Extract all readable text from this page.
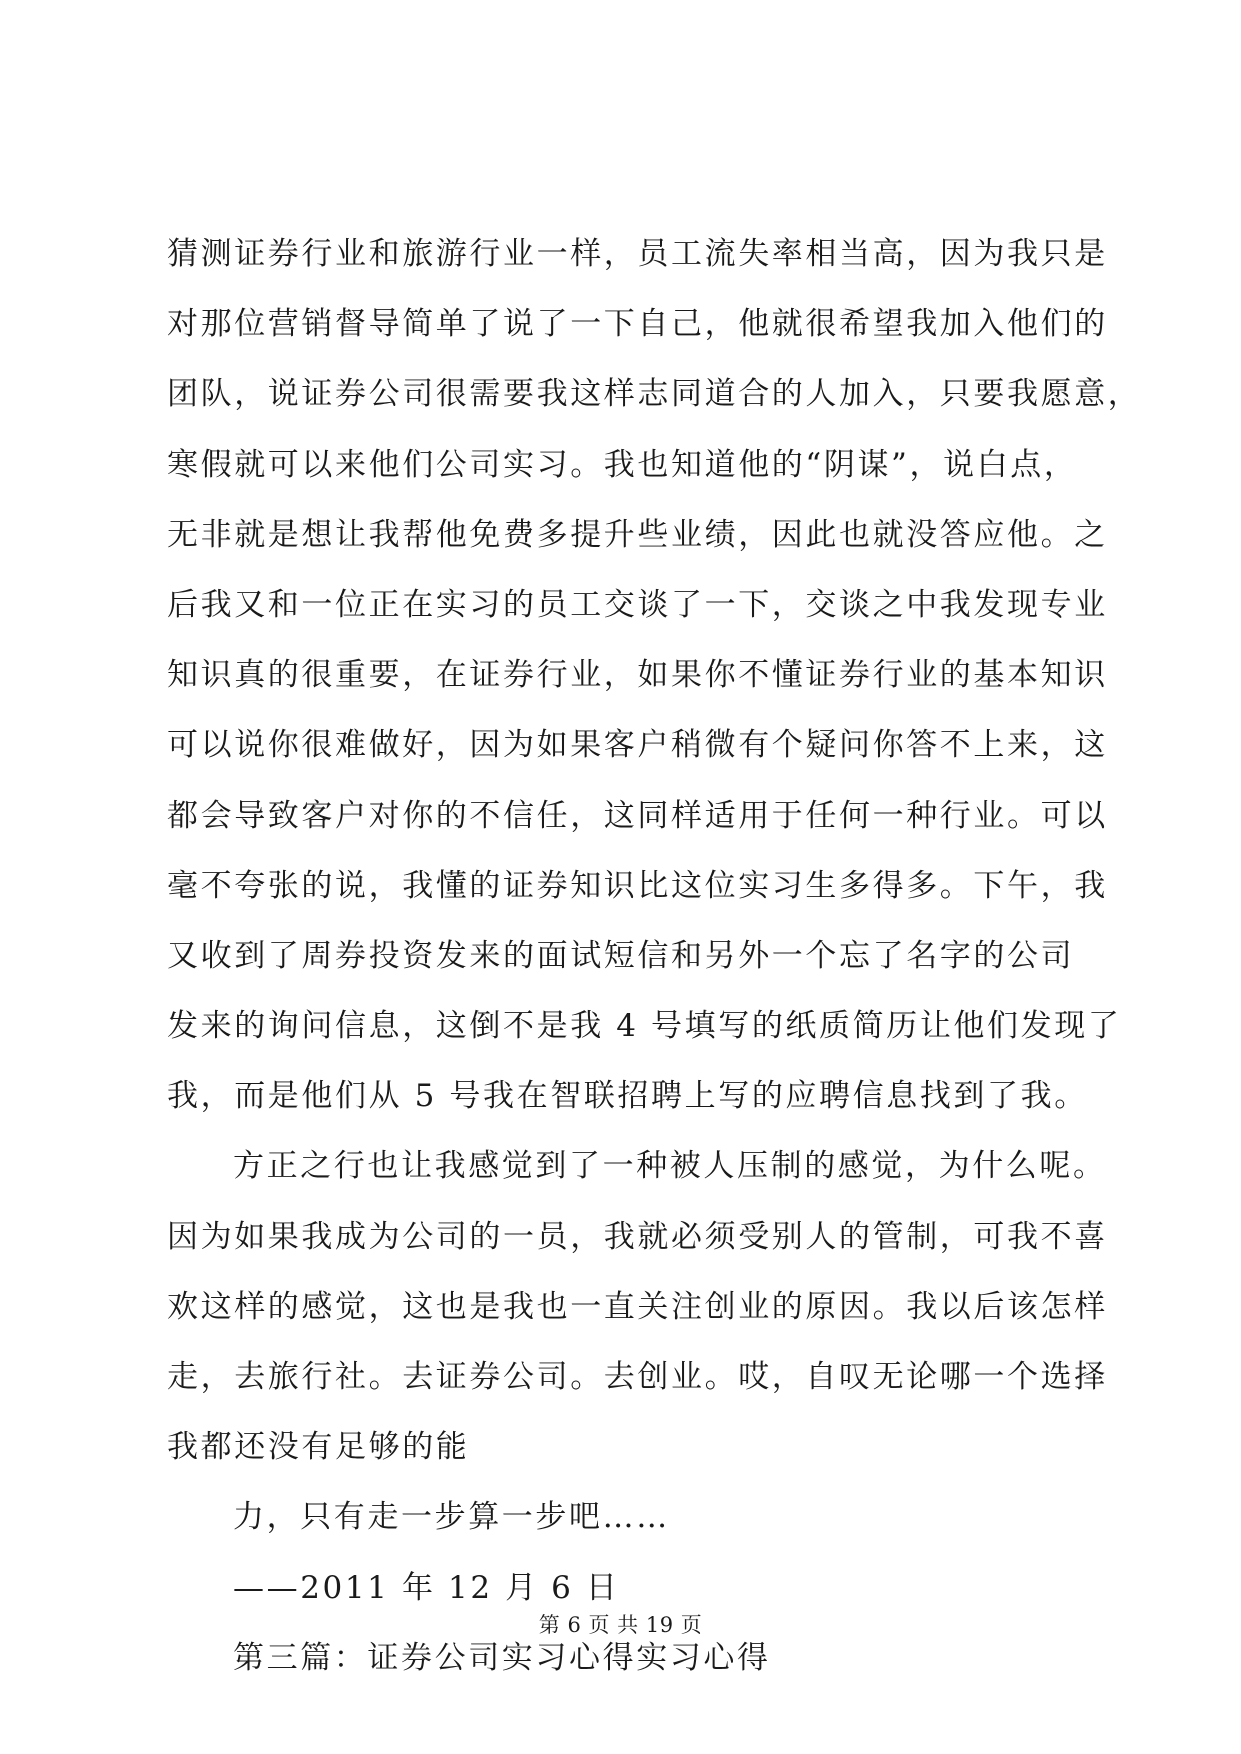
猜测证券行业和旅游行业一样，员工流失率相当高，因为我只是
对那位营销督导简单了说了一下自己，他就很希望我加入他们的
团队，说证券公司很需要我这样志同道合的人加入，只要我愿意，
寒假就可以来他们公司实习。我也知道他的“阴谋”，说白点，
无非就是想让我帮他免费多提升些业绩，因此也就没答应他。之
后我又和一位正在实习的员工交谈了一下，交谈之中我发现专业
知识真的很重要，在证券行业，如果你不懂证券行业的基本知识
可以说你很难做好，因为如果客户稍微有个疑问你答不上来，这
都会导致客户对你的不信任，这同样适用于任何一种行业。可以
毫不夸张的说，我懂的证券知识比这位实习生多得多。下午，我
又收到了周券投资发来的面试短信和另外一个忘了名字的公司
发来的询问信息，这倒不是我 4 号填写的纸质简历让他们发现了
我，而是他们从 5 号我在智联招聘上写的应聘信息找到了我。
方正之行也让我感觉到了一种被人压制的感觉，为什么呢。
因为如果我成为公司的一员，我就必须受别人的管制，可我不喜
欢这样的感觉，这也是我也一直关注创业的原因。我以后该怎样
走，去旅行社。去证券公司。去创业。哎，自叹无论哪一个选择
我都还没有足够的能
力，只有走一步算一步吧……
——2011 年 12 月 6 日
第三篇：证券公司实习心得实习心得
第 6 页 共 19 页
